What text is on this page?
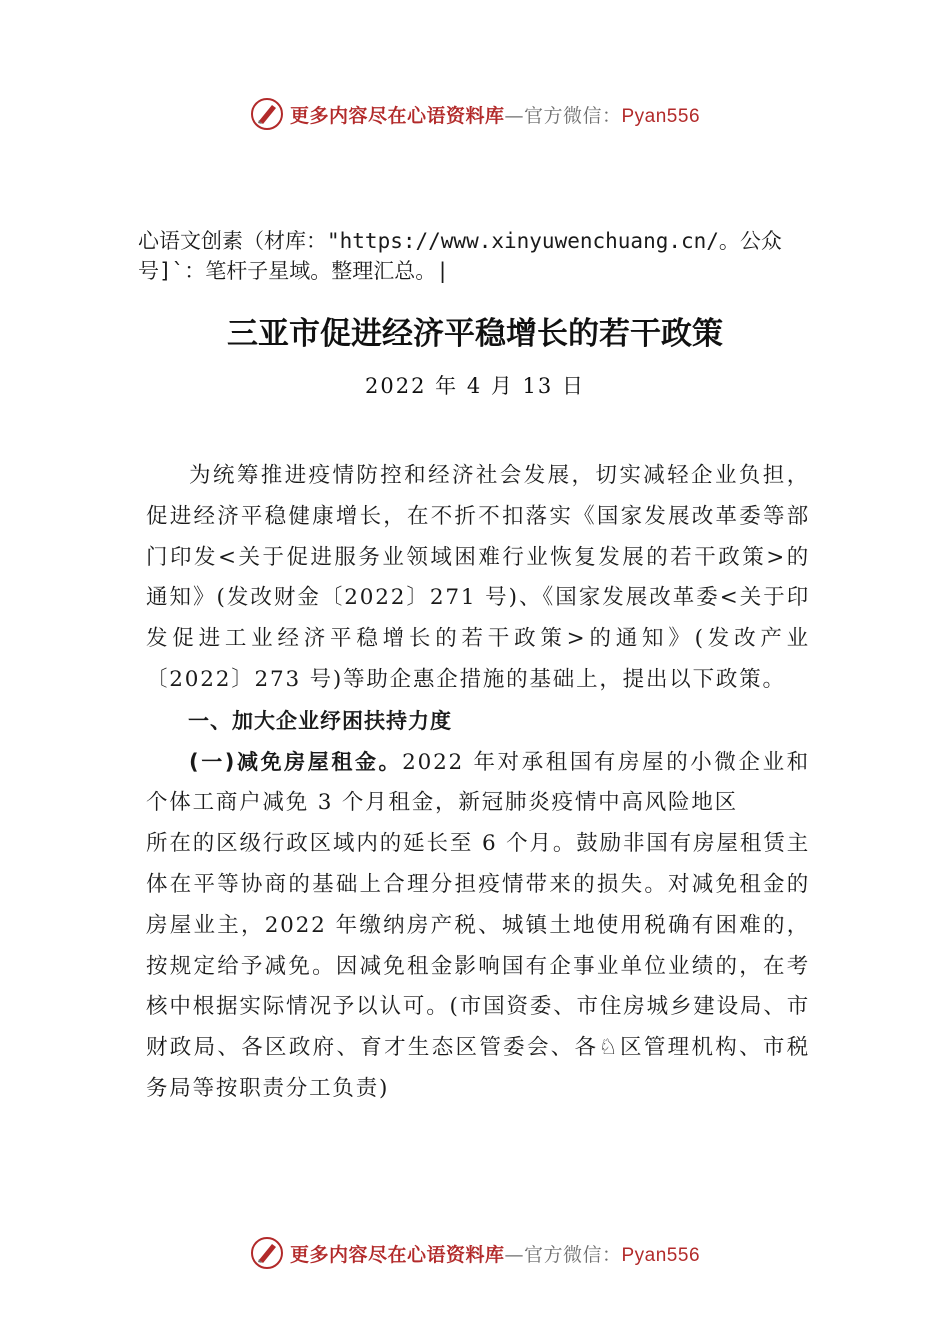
更多内容尽在心语资料库—官方微信：Pyan556
心语文创素（材库："https://www.xinyuwenchuang.cn/。公众
号]`：笔杆子星域。整理汇总。|
三亚市促进经济平稳增长的若干政策
2022 年 4 月 13 日

为统筹推进疫情防控和经济社会发展，切实减轻企业负担，促进经济平稳健康增长，在不折不扣落实《国家发展改革委等部门印发<关于促进服务业领域困难行业恢复发展的若干政策>的通知》(发改财金〔2022〕271 号)、《国家发展改革委<关于印发促进工业经济平稳增长的若干政策>的通知》(发改产业〔2022〕273 号)等助企惠企措施的基础上，提出以下政策。

一、加大企业纾困扶持力度

(一)减免房屋租金。2022 年对承租国有房屋的小微企业和个体工商户减免 3 个月租金，新冠肺炎疫情中高风险地区

所在的区级行政区域内的延长至 6 个月。鼓励非国有房屋租赁主体在平等协商的基础上合理分担疫情带来的损失。对减免租金的房屋业主，2022 年缴纳房产税、城镇土地使用税确有困难的，按规定给予减免。因减免租金影响国有企事业单位业绩的，在考核中根据实际情况予以认可。(市国资委、市住房城乡建设局、市财政局、各区政府、育才生态区管委会、各♘区管理机构、市税务局等按职责分工负责)

更多内容尽在心语资料库—官方微信：Pyan556
